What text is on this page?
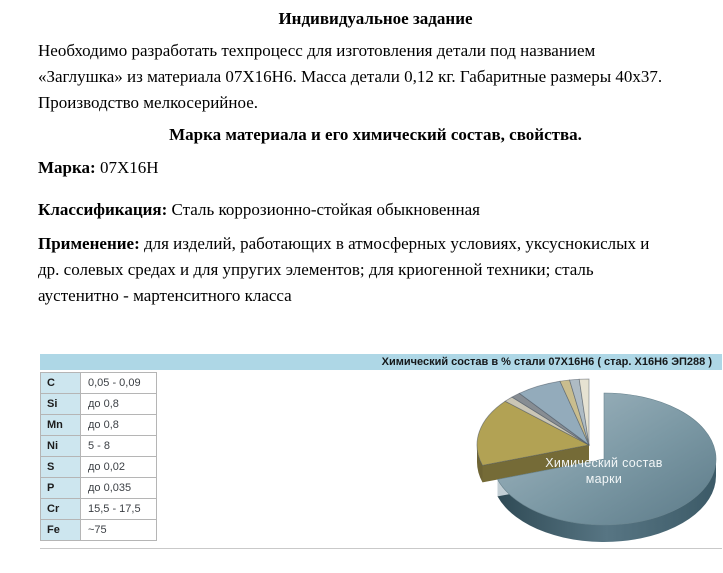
Индивидуальное задание

Необходимо разработать техпроцесс для изготовления детали под названием «Заглушка» из материала 07Х16Н6. Масса детали 0,12 кг. Габаритные размеры 40x37. Производство мелкосерийное.

Марка материала и его химический состав, свойства.

Марка: 07Х16Н

Классификация: Сталь коррозионно-стойкая обыкновенная

Применение: для изделий, работающих в атмосферных условиях, уксуснокислых и др. солевых средах и для упругих элементов; для криогенной техники; сталь аустенитно - мартенситного класса

Химический состав в % стали 07Х16Н6 ( стар. Х16Н6 ЭП288 )
C	0,05 - 0,09
Si	до 0,8
Mn	до 0,8
Ni	5 - 8
S	до 0,02
P	до 0,035
Cr	15,5 - 17,5
Fe	~75
Химический состав марки
